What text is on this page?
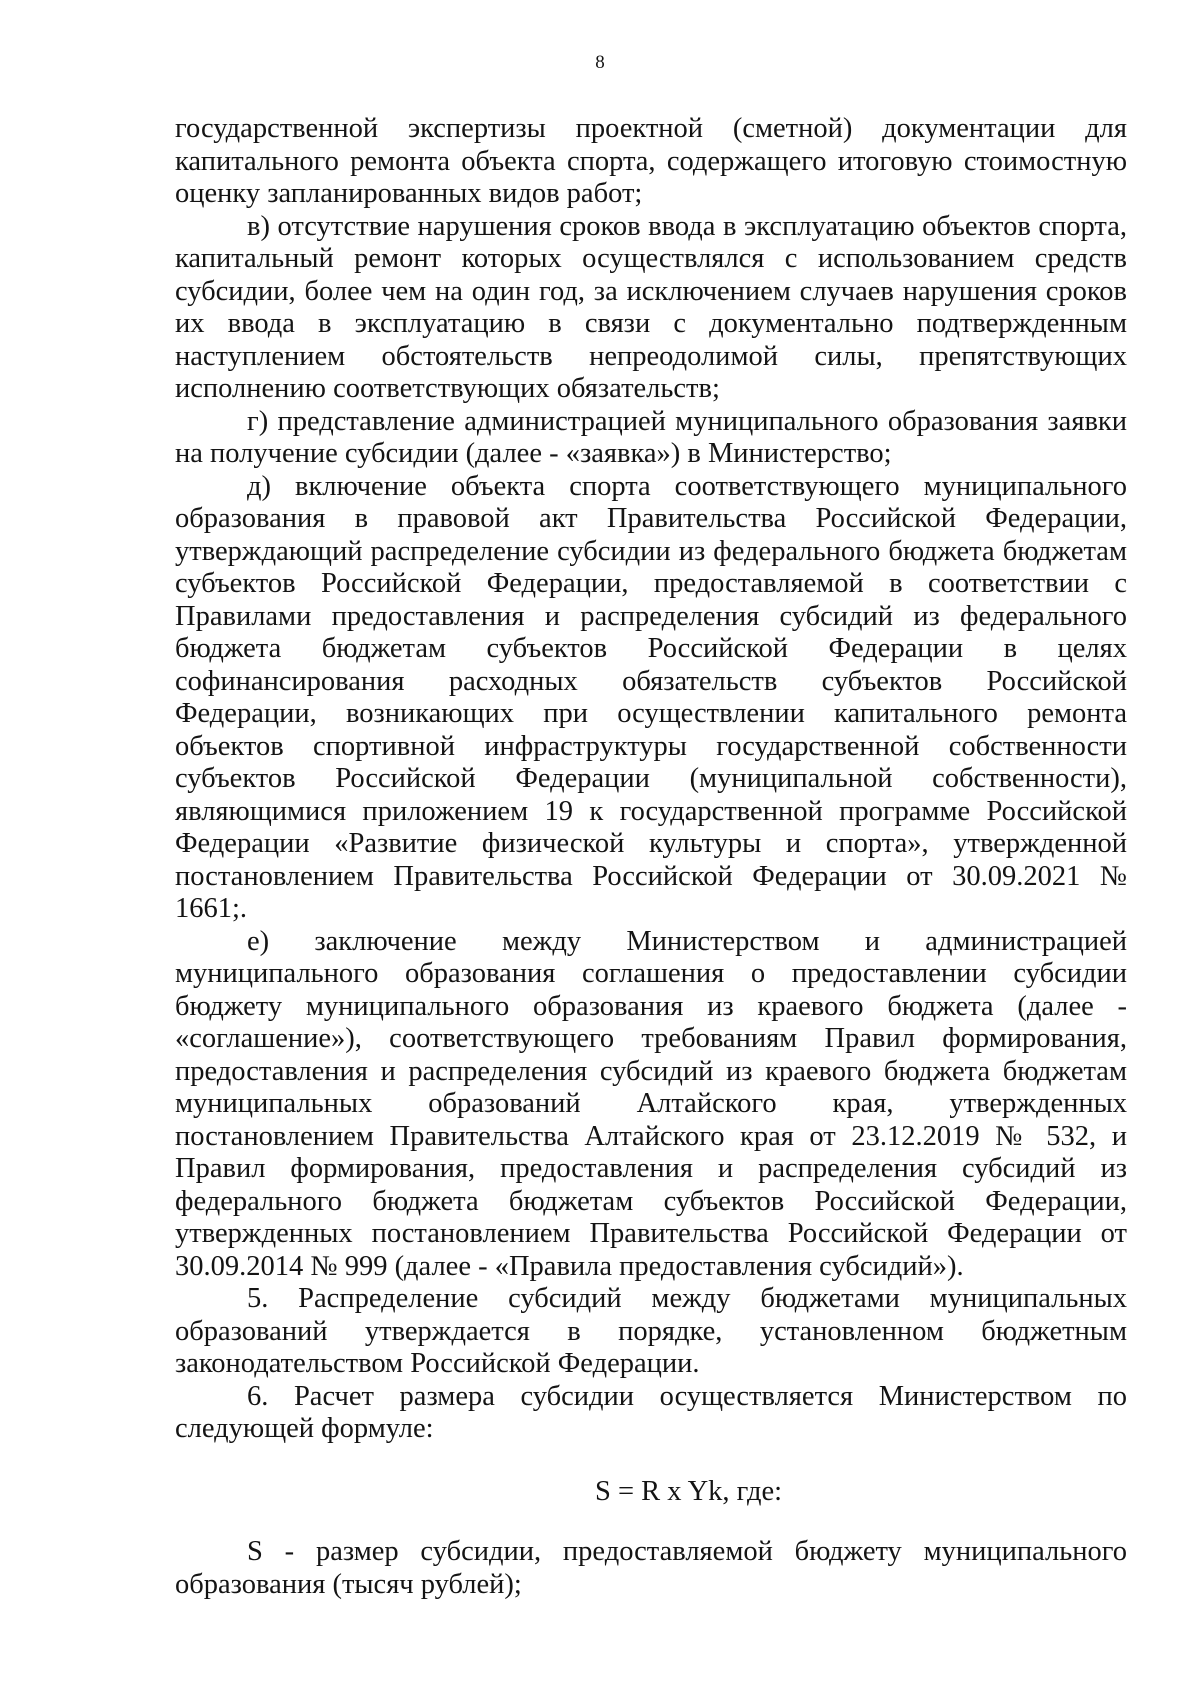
8

государственной экспертизы проектной (сметной) документации для капитального ремонта объекта спорта, содержащего итоговую стоимостную оценку запланированных видов работ;

в) отсутствие нарушения сроков ввода в эксплуатацию объектов спорта, капитальный ремонт которых осуществлялся с использованием средств субсидии, более чем на один год, за исключением случаев нарушения сроков их ввода в эксплуатацию в связи с документально подтвержденным наступлением обстоятельств непреодолимой силы, препятствующих исполнению соответствующих обязательств;

г) представление администрацией муниципального образования заявки на получение субсидии (далее - «заявка») в Министерство;

д) включение объекта спорта соответствующего муниципального образования в правовой акт Правительства Российской Федерации, утверждающий распределение субсидии из федерального бюджета бюджетам субъектов Российской Федерации, предоставляемой в соответствии с Правилами предоставления и распределения субсидий из федерального бюджета бюджетам субъектов Российской Федерации в целях софинансирования расходных обязательств субъектов Российской Федерации, возникающих при осуществлении капитального ремонта объектов спортивной инфраструктуры государственной собственности субъектов Российской Федерации (муниципальной собственности), являющимися приложением 19 к государственной программе Российской Федерации «Развитие физической культуры и спорта», утвержденной постановлением Правительства Российской Федерации от 30.09.2021 № 1661;.

е) заключение между Министерством и администрацией муниципального образования соглашения о предоставлении субсидии бюджету муниципального образования из краевого бюджета (далее - «соглашение»), соответствующего требованиям Правил формирования, предоставления и распределения субсидий из краевого бюджета бюджетам муниципальных образований Алтайского края, утвержденных постановлением Правительства Алтайского края от 23.12.2019 № 532, и Правил формирования, предоставления и распределения субсидий из федерального бюджета бюджетам субъектов Российской Федерации, утвержденных постановлением Правительства Российской Федерации от 30.09.2014 № 999 (далее - «Правила предоставления субсидий»).

5. Распределение субсидий между бюджетами муниципальных образований утверждается в порядке, установленном бюджетным законодательством Российской Федерации.

6. Расчет размера субсидии осуществляется Министерством по следующей формуле:

S = R x Yk, где:

S - размер субсидии, предоставляемой бюджету муниципального образования (тысяч рублей);
